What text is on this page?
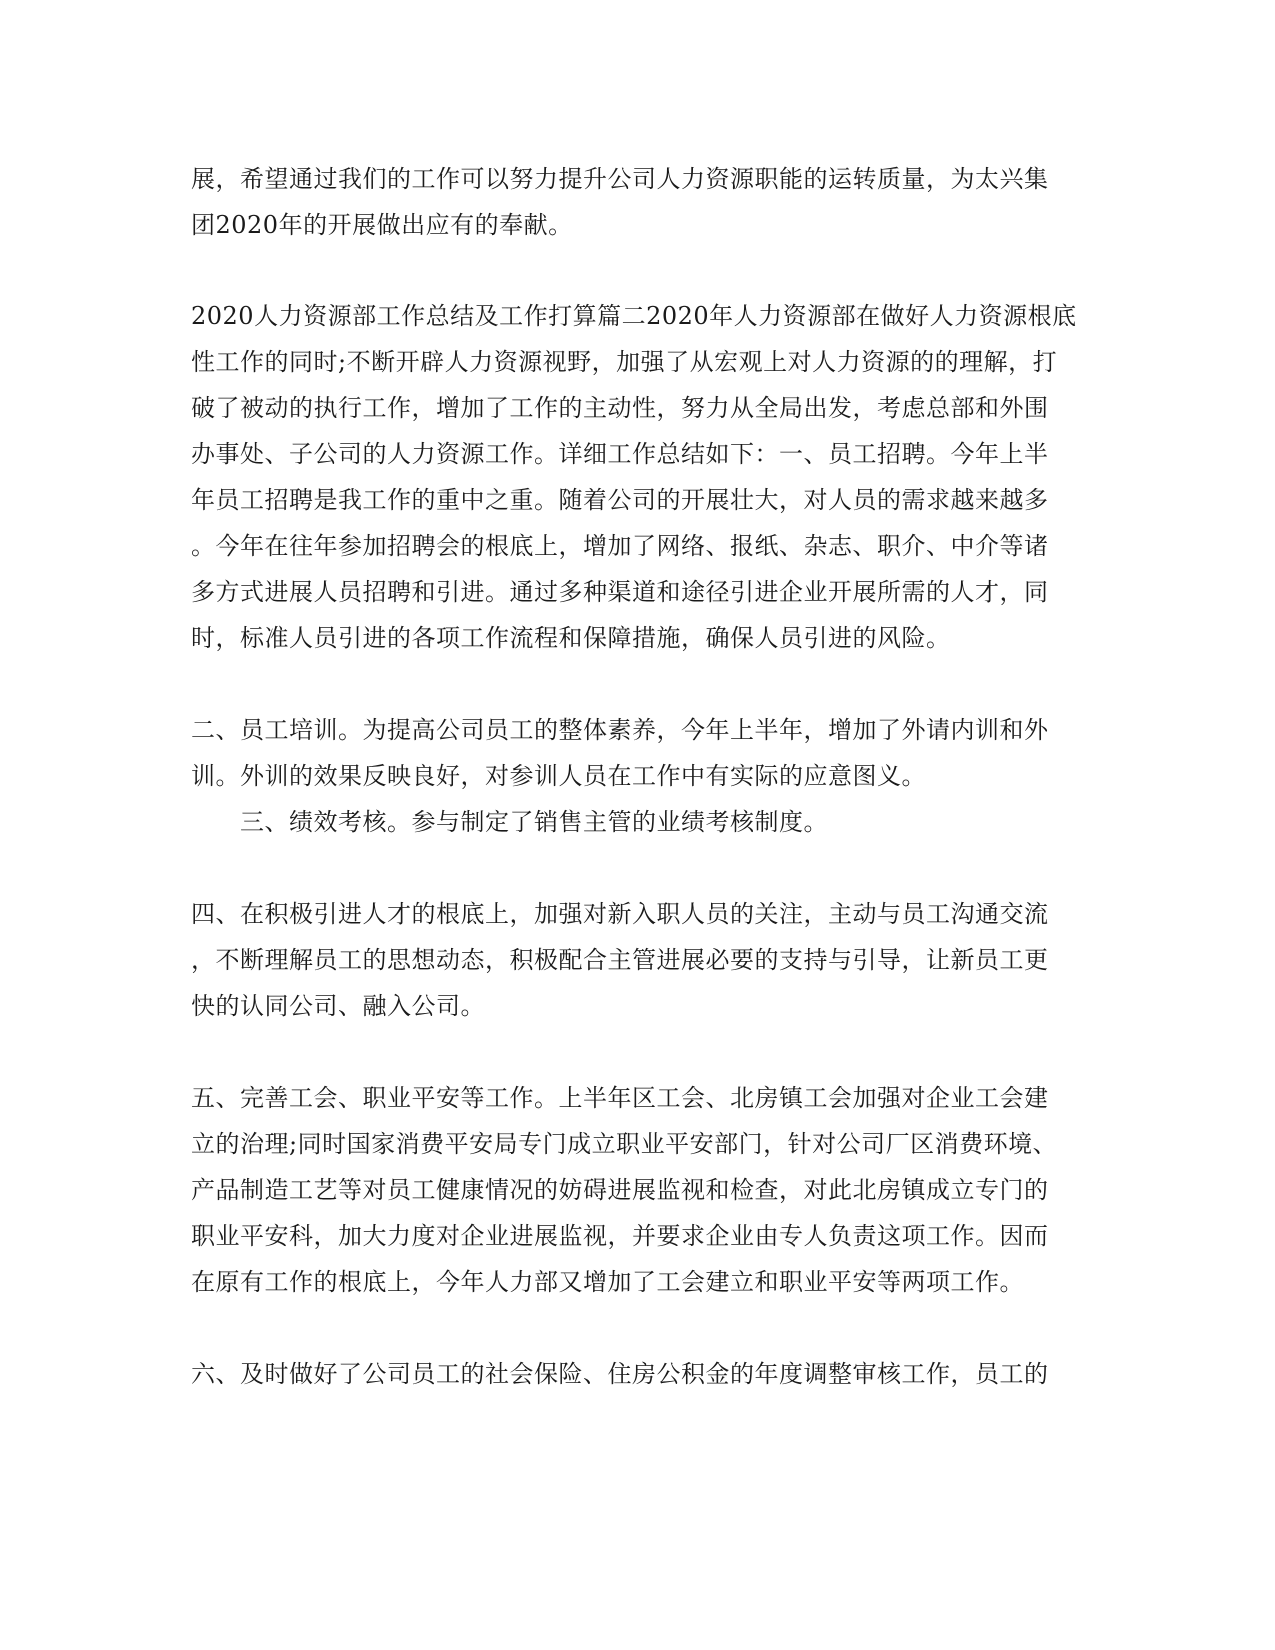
展，希望通过我们的工作可以努力提升公司人力资源职能的运转质量，为太兴集
团2020年的开展做出应有的奉献。
2020人力资源部工作总结及工作打算篇二2020年人力资源部在做好人力资源根底
性工作的同时;不断开辟人力资源视野，加强了从宏观上对人力资源的的理解，打
破了被动的执行工作，增加了工作的主动性，努力从全局出发，考虑总部和外围
办事处、子公司的人力资源工作。详细工作总结如下：一、员工招聘。今年上半
年员工招聘是我工作的重中之重。随着公司的开展壮大，对人员的需求越来越多
。今年在往年参加招聘会的根底上，增加了网络、报纸、杂志、职介、中介等诸
多方式进展人员招聘和引进。通过多种渠道和途径引进企业开展所需的人才，同
时，标准人员引进的各项工作流程和保障措施，确保人员引进的风险。
二、员工培训。为提高公司员工的整体素养，今年上半年，增加了外请内训和外
训。外训的效果反映良好，对参训人员在工作中有实际的应意图义。
三、绩效考核。参与制定了销售主管的业绩考核制度。
四、在积极引进人才的根底上，加强对新入职人员的关注，主动与员工沟通交流
，不断理解员工的思想动态，积极配合主管进展必要的支持与引导，让新员工更
快的认同公司、融入公司。
五、完善工会、职业平安等工作。上半年区工会、北房镇工会加强对企业工会建
立的治理;同时国家消费平安局专门成立职业平安部门，针对公司厂区消费环境、
产品制造工艺等对员工健康情况的妨碍进展监视和检查，对此北房镇成立专门的
职业平安科，加大力度对企业进展监视，并要求企业由专人负责这项工作。因而
在原有工作的根底上，今年人力部又增加了工会建立和职业平安等两项工作。
六、及时做好了公司员工的社会保险、住房公积金的年度调整审核工作，员工的
